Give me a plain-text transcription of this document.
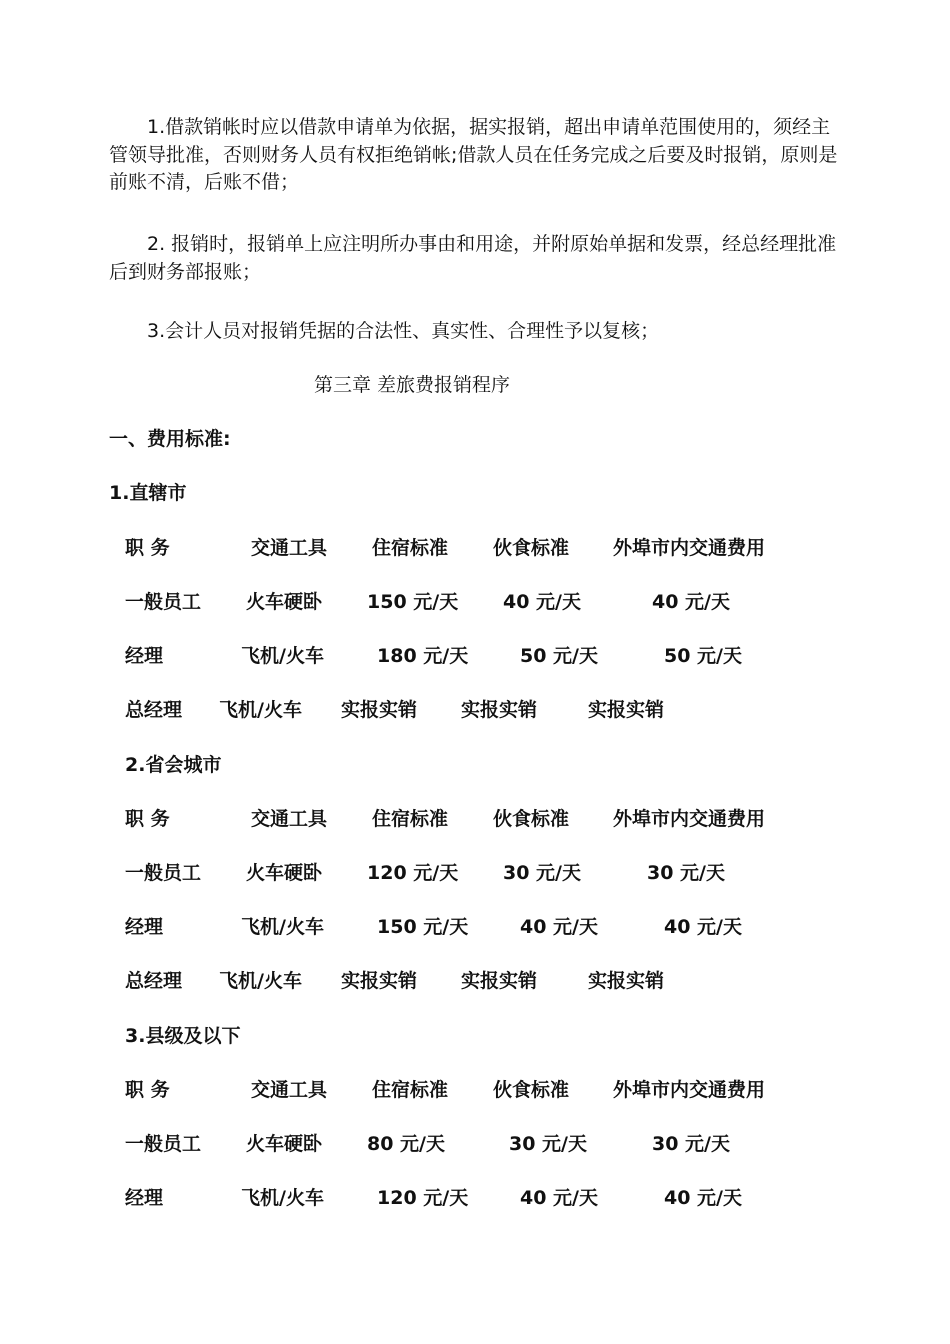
1.借款销帐时应以借款申请单为依据，据实报销，超出申请单范围使用的，须经主管领导批准，否则财务人员有权拒绝销帐;借款人员在任务完成之后要及时报销，原则是前账不清，后账不借；

2. 报销时，报销单上应注明所办事由和用途，并附原始单据和发票，经总经理批准后到财务部报账；

3.会计人员对报销凭据的合法性、真实性、合理性予以复核；

第三章 差旅费报销程序
一、费用标准:
1.直辖市
职 务	交通工具 住宿标准 伙食标准 外埠市内交通费用
一般员工 火车硬卧 150 元/天 40 元/天	40 元/天
经理	飞机/火车	180 元/天	50 元/天	50 元/天
总经理 飞机/火车 实报实销 实报实销	实报实销
2.省会城市
职 务	交通工具 住宿标准 伙食标准 外埠市内交通费用
一般员工 火车硬卧 120 元/天 30 元/天	30 元/天
经理	飞机/火车	150 元/天	40 元/天	40 元/天
总经理 飞机/火车 实报实销 实报实销	实报实销
3.县级及以下
职 务	交通工具 住宿标准 伙食标准 外埠市内交通费用
一般员工 火车硬卧 80 元/天	30 元/天	30 元/天
经理	飞机/火车	120 元/天	40 元/天	40 元/天
